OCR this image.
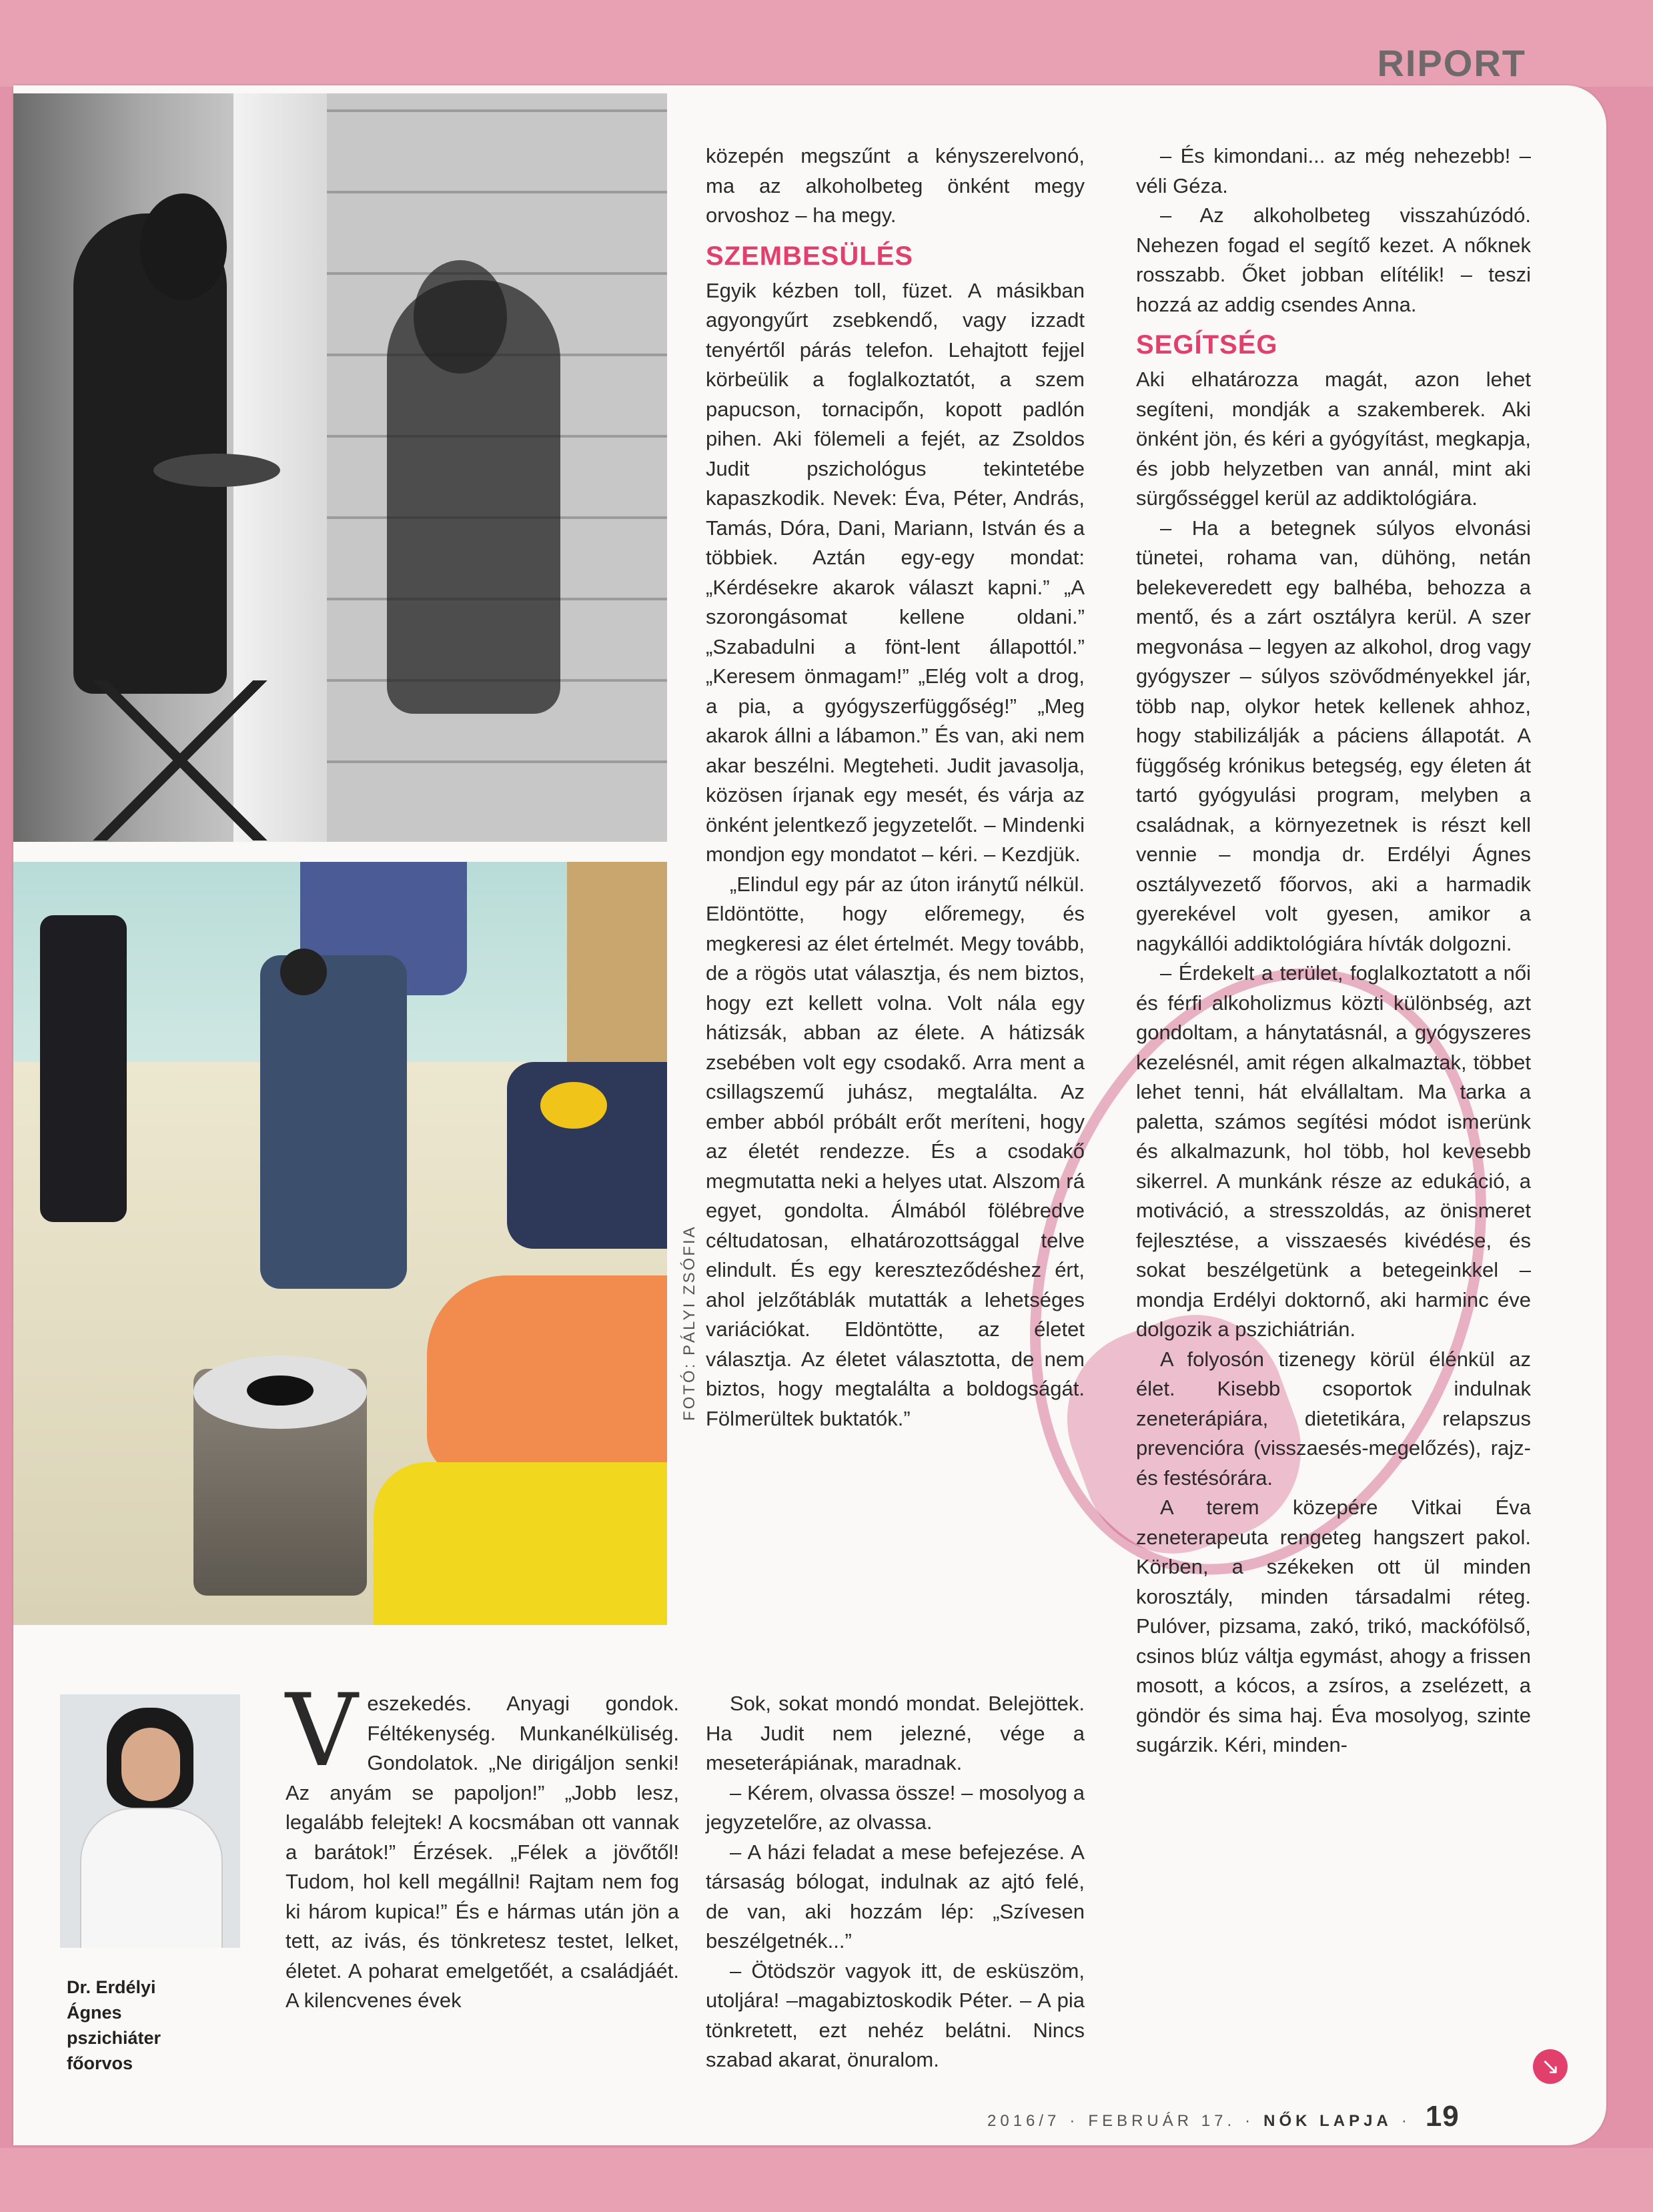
RIPORT
FOTÓ: PÁLYI ZSÓFIA
Dr. Erdélyi
Ágnes
pszichiáter
főorvos

közepén megszűnt a kényszerelvonó, ma az alkoholbeteg önként megy orvoshoz – ha megy.

SZEMBESÜLÉS

Egyik kézben toll, füzet. A másikban agyongyűrt zsebkendő, vagy izzadt tenyértől párás telefon. Lehajtott fejjel körbeülik a foglalkoztatót, a szem papucson, tornacipőn, kopott padlón pihen. Aki fölemeli a fejét, az Zsoldos Judit pszichológus tekintetébe kapaszkodik. Nevek: Éva, Péter, András, Tamás, Dóra, Dani, Mariann, István és a többiek. Aztán egy-egy mondat: „Kérdésekre akarok választ kapni.” „A szorongásomat kellene oldani.” „Szabadulni a fönt-lent állapottól.” „Keresem önmagam!” „Elég volt a drog, a pia, a gyógyszerfüggőség!” „Meg akarok állni a lábamon.” És van, aki nem akar beszélni. Megteheti. Judit javasolja, közösen írjanak egy mesét, és várja az önként jelentkező jegyzetelőt. – Mindenki mondjon egy mondatot – kéri. – Kezdjük.

„Elindul egy pár az úton iránytű nélkül. Eldöntötte, hogy előremegy, és megkeresi az élet értelmét. Megy tovább, de a rögös utat választja, és nem biztos, hogy ezt kellett volna. Volt nála egy hátizsák, abban az élete. A hátizsák zsebében volt egy csodakő. Arra ment a csillagszemű juhász, megtalálta. Az ember abból próbált erőt meríteni, hogy az életét rendezze. És a csodakő megmutatta neki a helyes utat. Alszom rá egyet, gondolta. Álmából fölébredve céltudatosan, elhatározottsággal telve elindult. És egy kereszteződéshez ért, ahol jelzőtáblák mutatták a lehetséges variációkat. Eldöntötte, az életet választja. Az életet választotta, de nem biztos, hogy megtalálta a boldogságát. Fölmerültek buktatók.”

Sok, sokat mondó mondat. Belejöttek. Ha Judit nem jelezné, vége a meseterápiának, maradnak.

– Kérem, olvassa össze! – mosolyog a jegyzetelőre, az olvassa.

– A házi feladat a mese befejezése. A társaság bólogat, indulnak az ajtó felé, de van, aki hozzám lép: „Szívesen beszélgetnék...”

– Ötödször vagyok itt, de esküszöm, utoljára! –magabiztoskodik Péter. – A pia tönkretett, ezt nehéz belátni. Nincs szabad akarat, önuralom.

– És kimondani... az még nehezebb! – véli Géza.

– Az alkoholbeteg visszahúzódó. Nehezen fogad el segítő kezet. A nőknek rosszabb. Őket jobban elítélik! – teszi hozzá az addig csendes Anna.

SEGÍTSÉG

Aki elhatározza magát, azon lehet segíteni, mondják a szakemberek. Aki önként jön, és kéri a gyógyítást, megkapja, és jobb helyzetben van annál, mint aki sürgősséggel kerül az addiktológiára.

– Ha a betegnek súlyos elvonási tünetei, rohama van, dühöng, netán belekeveredett egy balhéba, behozza a mentő, és a zárt osztályra kerül. A szer megvonása – legyen az alkohol, drog vagy gyógyszer – súlyos szövődményekkel jár, több nap, olykor hetek kellenek ahhoz, hogy stabilizálják a páciens állapotát. A függőség krónikus betegség, egy életen át tartó gyógyulási program, melyben a családnak, a környezetnek is részt kell vennie – mondja dr. Erdélyi Ágnes osztályvezető főorvos, aki a harmadik gyerekével volt gyesen, amikor a nagykállói addiktológiára hívták dolgozni.

– Érdekelt a terület, foglalkoztatott a női és férfi alkoholizmus közti különbség, azt gondoltam, a hánytatásnál, a gyógyszeres kezelésnél, amit régen alkalmaztak, többet lehet tenni, hát elvállaltam. Ma tarka a paletta, számos segítési módot ismerünk és alkalmazunk, hol több, hol kevesebb sikerrel. A munkánk része az edukáció, a motiváció, a stresszoldás, az önismeret fejlesztése, a visszaesés kivédése, és sokat beszélgetünk a betegeinkkel – mondja Erdélyi doktornő, aki harminc éve dolgozik a pszichiátrián.

A folyosón tizenegy körül élénkül az élet. Kisebb csoportok indulnak zeneterápiára, dietetikára, relapszus prevencióra (visszaesés-megelőzés), rajz- és festésórára.

A terem közepére Vitkai Éva zeneterapeuta rengeteg hangszert pakol. Körben, a székeken ott ül minden korosztály, minden társadalmi réteg. Pulóver, pizsama, zakó, trikó, mackófölső, csinos blúz váltja egymást, ahogy a frissen mosott, a kócos, a zsíros, a zselézett, a göndör és sima haj. Éva mosolyog, szinte sugárzik. Kéri, minden-

V eszekedés. Anyagi gondok. Féltékenység. Munkanélküliség. Gondolatok. „Ne dirigáljon senki! Az anyám se papoljon!” „Jobb lesz, legalább felejtek! A kocsmában ott vannak a barátok!” Érzések. „Félek a jövőtől! Tudom, hol kell megállni! Rajtam nem fog ki három kupica!” És e hármas után jön a tett, az ivás, és tönkretesz testet, lelket, életet. A poharat emelgetőét, a családjáét. A kilencvenes évek

↘
2016/7 · FEBRUÁR 17. · NŐK LAPJA · 19
